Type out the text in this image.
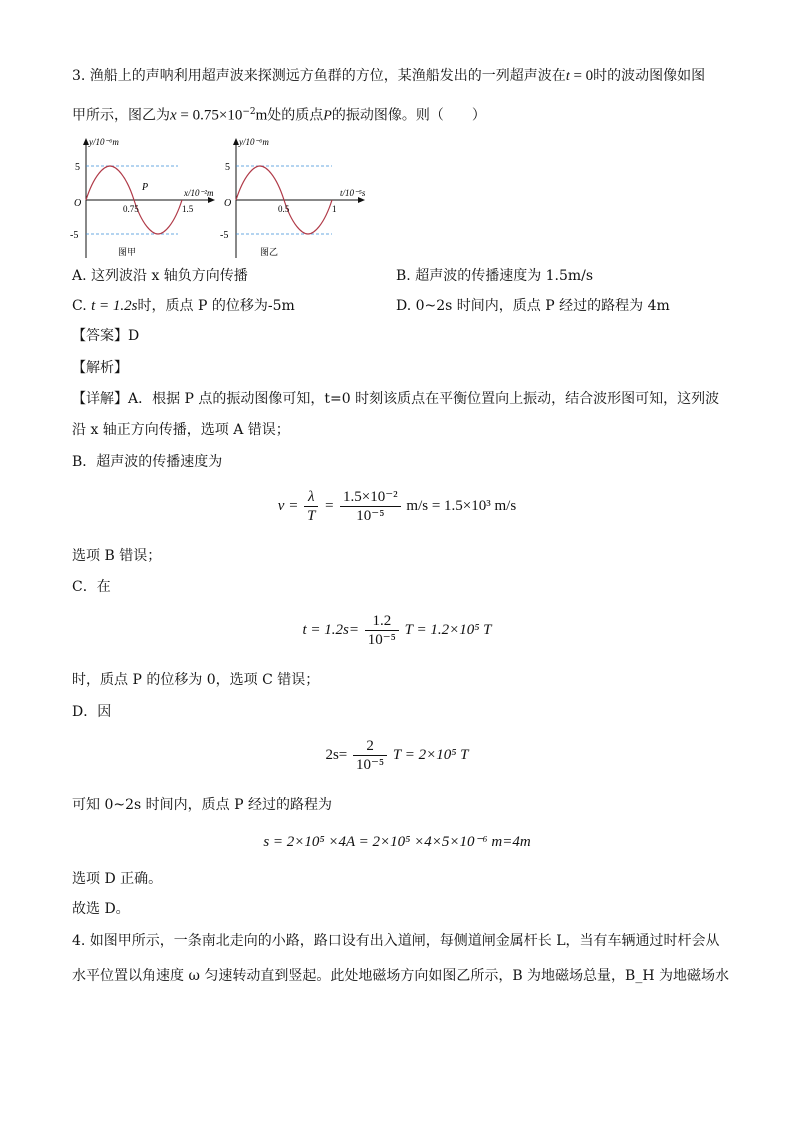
3. 渔船上的声呐利用超声波来探测远方鱼群的方位，某渔船发出的一列超声波在t = 0时的波动图像如图
甲所示，图乙为$x = 0.75\times 10^{-2}m$处的质点P的振动图像。则（　　）
y/10⁻⁶m
x/10⁻²m
O
5
-5
0.75	1.5
P
图甲
y/10⁻⁶m
t/10⁻⁵s
O
5
-5
0.5	1
图乙
A. 这列波沿 x 轴负方向传播	B. 超声波的传播速度为 1.5m/s
C. t = 1.2s时，质点 P 的位移为-5m	D. 0~2s 时间内，质点 P 经过的路程为 4m
【答案】D
【解析】
【详解】A．根据 P 点的振动图像可知，t=0 时刻该质点在平衡位置向上振动，结合波形图可知，这列波
沿 x 轴正方向传播，选项 A 错误；
B．超声波的传播速度为
$v = \frac{\lambda}{T} = \frac{\text{1.5×10⁻²}}{\text{10⁻⁵}} m/s = 1.5\times 10^3$ m/s
选项 B 错误；
C．在
$t = 1.2s= \frac{1.2}{\text{10⁻⁵}}$ T = 1.2×10⁵ T
时，质点 P 的位移为 0，选项 C 错误；
D．因
$2s= \frac{2}{\text{10⁻⁵}}$ T = 2×10⁵ T
可知 0~2s 时间内，质点 P 经过的路程为
s = 2×10⁵ ×4A = 2×10⁵ ×4×5×10⁻⁶ m=4m
选项 D 正确。
故选 D。
4. 如图甲所示，一条南北走向的小路，路口设有出入道闸，每侧道闸金属杆长 L，当有车辆通过时杆会从
水平位置以角速度 ω 匀速转动直到竖起。此处地磁场方向如图乙所示，B 为地磁场总量，B_H 为地磁场水
